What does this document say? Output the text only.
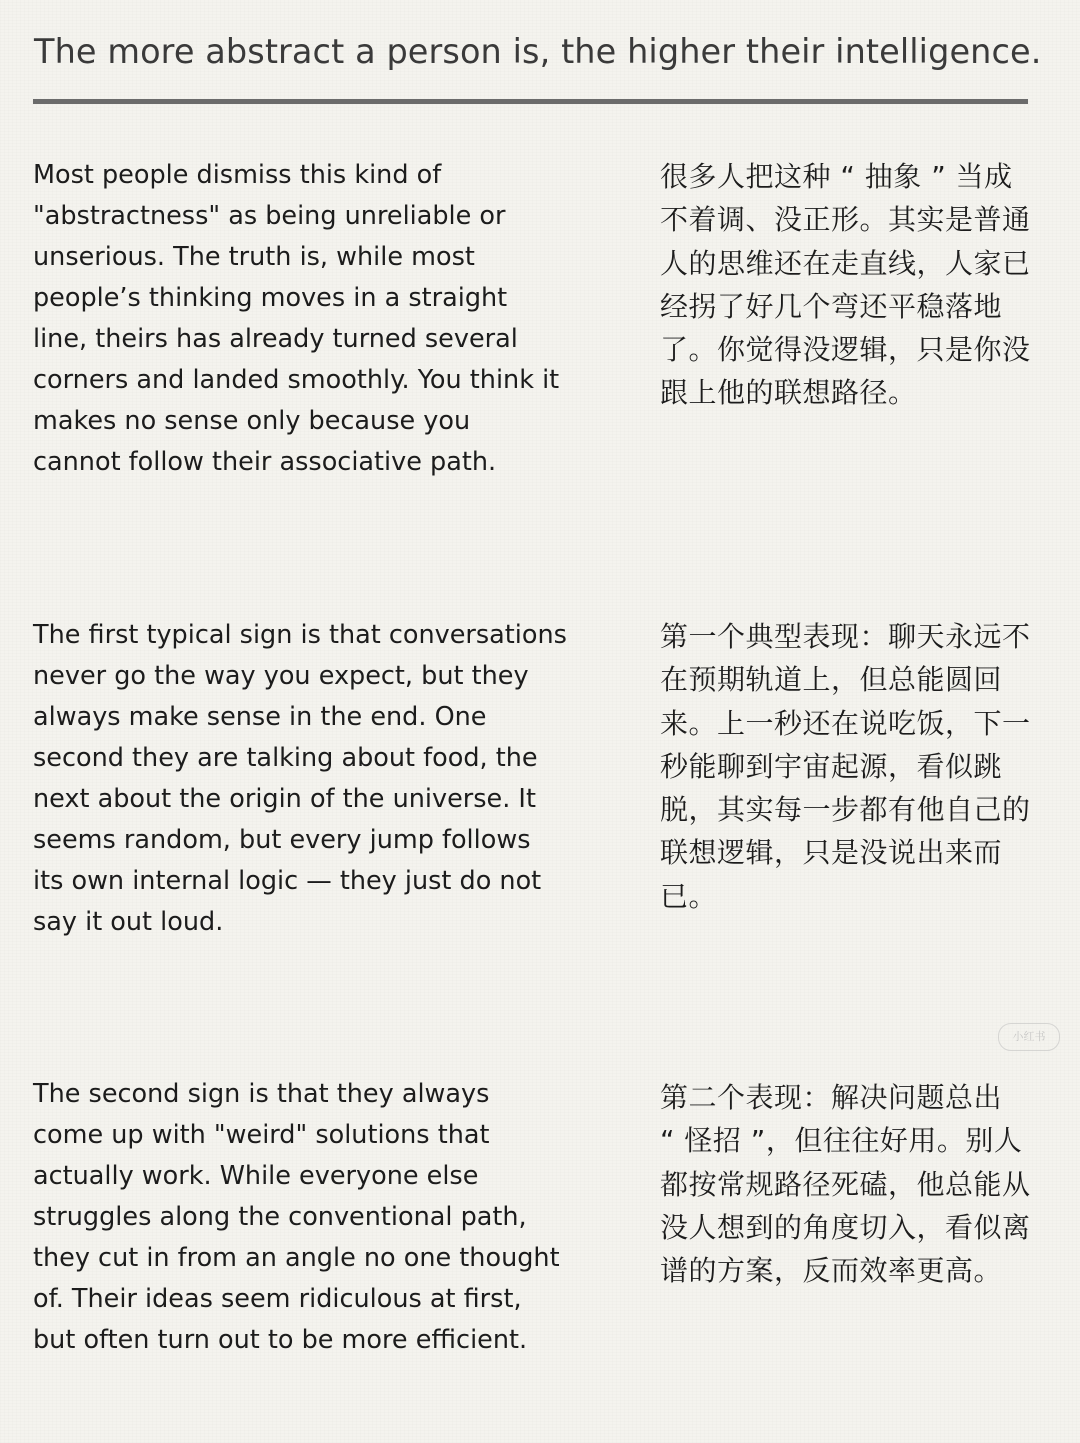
The more abstract a person is, the higher their intelligence.

Most people dismiss this kind of
"abstractness" as being unreliable or
unserious. The truth is, while most
people’s thinking moves in a straight
line, theirs has already turned several
corners and landed smoothly. You think it
makes no sense only because you
cannot follow their associative path.

很多人把这种 “ 抽象 ” 当成
不着调、没正形。其实是普通
人的思维还在走直线，人家已
经拐了好几个弯还平稳落地
了。你觉得没逻辑，只是你没
跟上他的联想路径。

The first typical sign is that conversations
never go the way you expect, but they
always make sense in the end. One
second they are talking about food, the
next about the origin of the universe. It
seems random, but every jump follows
its own internal logic — they just do not
say it out loud.

第一个典型表现：聊天永远不
在预期轨道上，但总能圆回
来。上一秒还在说吃饭，下一
秒能聊到宇宙起源，看似跳
脱，其实每一步都有他自己的
联想逻辑，只是没说出来而
已。

The second sign is that they always
come up with "weird" solutions that
actually work. While everyone else
struggles along the conventional path,
they cut in from an angle no one thought
of. Their ideas seem ridiculous at first,
but often turn out to be more efficient.

第二个表现：解决问题总出
“ 怪招 ”，但往往好用。别人
都按常规路径死磕，他总能从
没人想到的角度切入，看似离
谱的方案，反而效率更高。

小红书
